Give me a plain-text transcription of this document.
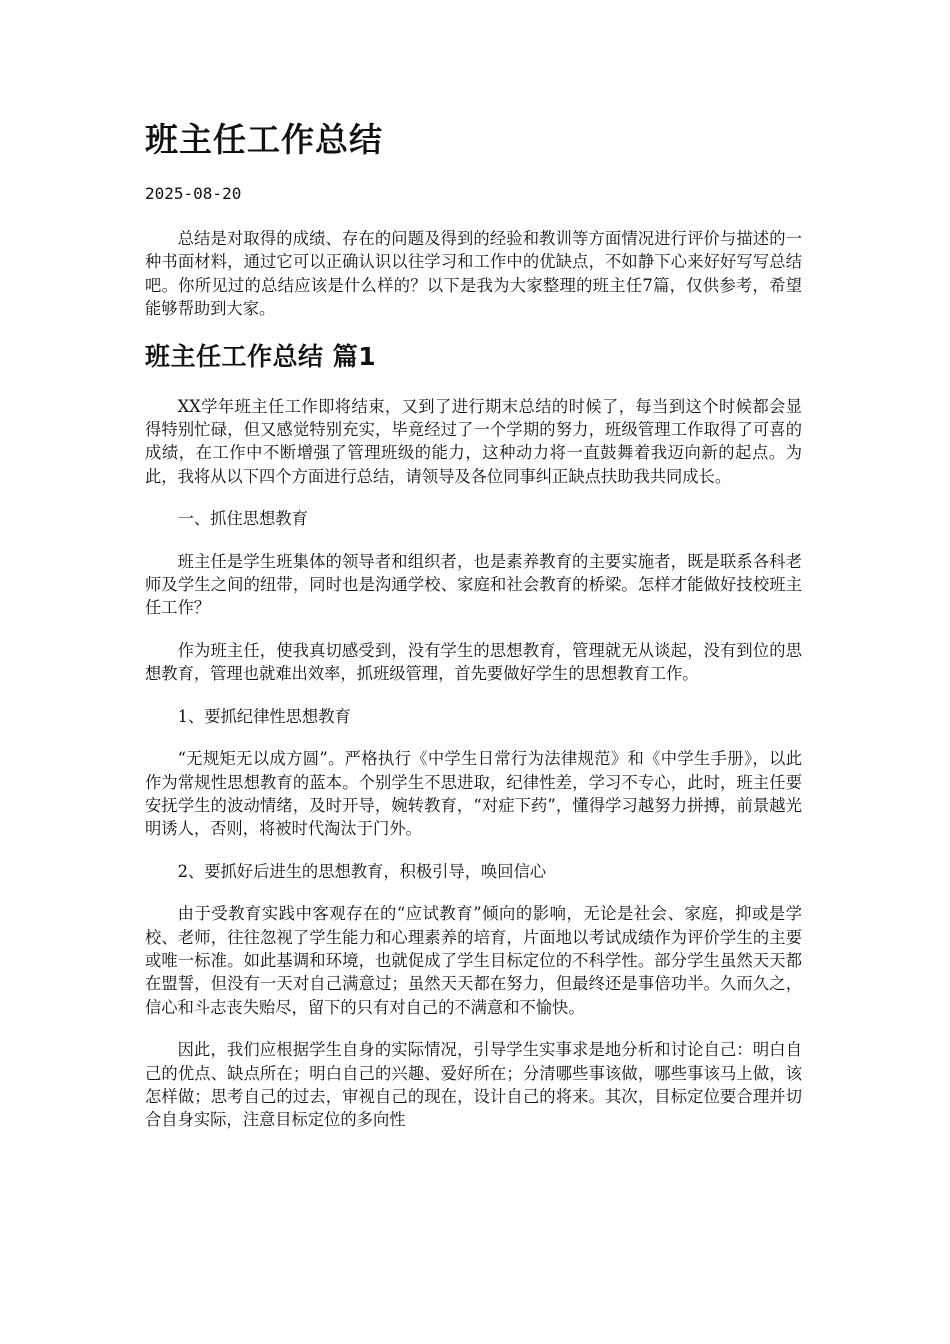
班主任工作总结
2025-08-20

总结是对取得的成绩、存在的问题及得到的经验和教训等方面情况进行评价与描述的一种书面材料，通过它可以正确认识以往学习和工作中的优缺点，不如静下心来好好写写总结吧。你所见过的总结应该是什么样的？以下是我为大家整理的班主任7篇，仅供参考，希望能够帮助到大家。

班主任工作总结 篇1

XX学年班主任工作即将结束，又到了进行期末总结的时候了，每当到这个时候都会显得特别忙碌，但又感觉特别充实，毕竟经过了一个学期的努力，班级管理工作取得了可喜的成绩，在工作中不断增强了管理班级的能力，这种动力将一直鼓舞着我迈向新的起点。为此，我将从以下四个方面进行总结，请领导及各位同事纠正缺点扶助我共同成长。

一、抓住思想教育

班主任是学生班集体的领导者和组织者，也是素养教育的主要实施者，既是联系各科老师及学生之间的纽带，同时也是沟通学校、家庭和社会教育的桥梁。怎样才能做好技校班主任工作？

作为班主任，使我真切感受到，没有学生的思想教育，管理就无从谈起，没有到位的思想教育，管理也就难出效率，抓班级管理，首先要做好学生的思想教育工作。

1、要抓纪律性思想教育

“无规矩无以成方圆”。严格执行《中学生日常行为法律规范》和《中学生手册》，以此作为常规性思想教育的蓝本。个别学生不思进取，纪律性差，学习不专心，此时，班主任要安抚学生的波动情绪，及时开导，婉转教育，“对症下药”，懂得学习越努力拼搏，前景越光明诱人，否则，将被时代淘汰于门外。

2、要抓好后进生的思想教育，积极引导，唤回信心

由于受教育实践中客观存在的“应试教育”倾向的影响，无论是社会、家庭，抑或是学校、老师，往往忽视了学生能力和心理素养的培育，片面地以考试成绩作为评价学生的主要或唯一标准。如此基调和环境，也就促成了学生目标定位的不科学性。部分学生虽然天天都在盟誓，但没有一天对自己满意过；虽然天天都在努力，但最终还是事倍功半。久而久之，信心和斗志丧失贻尽，留下的只有对自己的不满意和不愉快。

因此，我们应根据学生自身的实际情况，引导学生实事求是地分析和讨论自己：明白自己的优点、缺点所在；明白自己的兴趣、爱好所在；分清哪些事该做，哪些事该马上做，该怎样做；思考自己的过去，审视自己的现在，设计自己的将来。其次，目标定位要合理并切合自身实际，注意目标定位的多向性
